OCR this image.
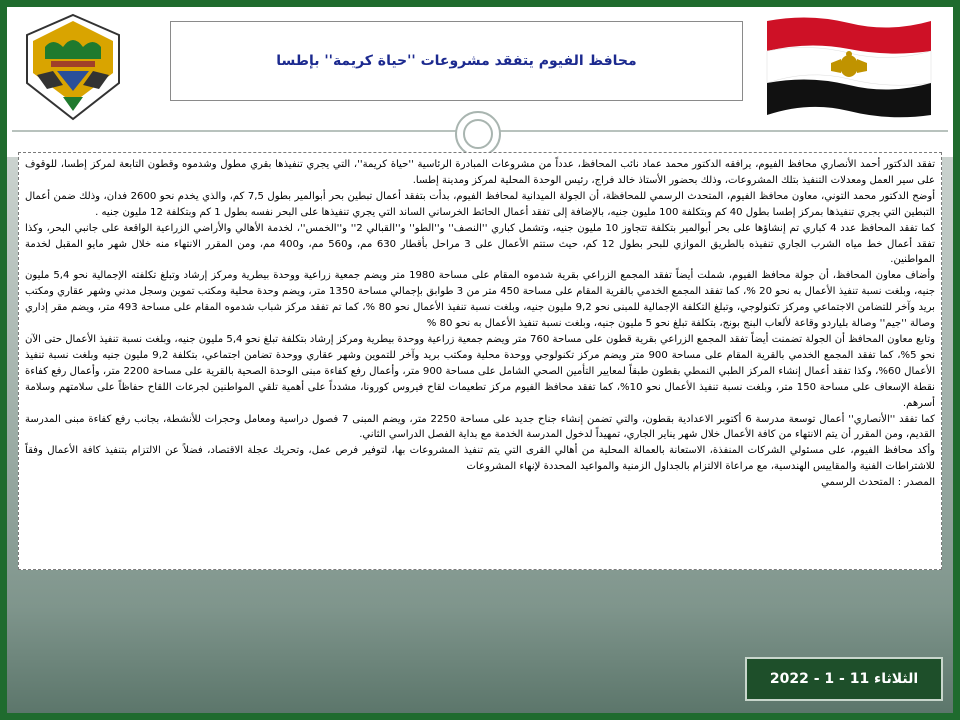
محافظ الفيوم يتفقد مشروعات ''حياة كريمة'' بإطسا

تفقد الدكتور أحمد الأنصاري محافظ الفيوم، يرافقه الدكتور محمد عماد نائب المحافظ، عدداً من مشروعات المبادرة الرئاسية ''حياة كريمة''، التي يجري تنفيذها بقري مطول وشدموه وقطون التابعة لمركز إطسا، للوقوف على سير العمل ومعدلات التنفيذ بتلك المشروعات، وذلك بحضور الأستاذ خالد فراج، رئيس الوحدة المحلية لمركز ومدينة إطسا.

أوضح الدكتور محمد التوني، معاون محافظ الفيوم، المتحدث الرسمي للمحافظة، أن الجولة الميدانية لمحافظ الفيوم، بدأت بتفقد أعمال تبطين بحر أبوالمير بطول 7,5 كم، والذي يخدم نحو 2600 فدان، وذلك ضمن أعمال التبطين التي يجري تنفيذها بمركز إطسا بطول 40 كم وبتكلفة 100 مليون جنيه، بالإضافة إلى تفقد أعمال الحائط الخرساني الساند التي يجري تنفيذها على البحر نفسه بطول 1 كم وبتكلفة 12 مليون جنيه .

كما تفقد المحافظ عدد 4 كباري تم إنشاؤها على بحر أبوالمير بتكلفة تتجاوز 10 مليون جنيه، وتشمل كباري ''النصف'' و''الطو'' و''القبالي 2'' و''الخمس''، لخدمة الأهالي والأراضي الزراعية الواقعة على جانبي البحر، وكذا تفقد أعمال خط مياه الشرب الجاري تنفيذه بالطريق الموازي للبحر بطول 12 كم، حيث ستتم الأعمال على 3 مراحل بأقطار 630 مم، و560 مم، و400 مم، ومن المقرر الانتهاء منه خلال شهر مايو المقبل لخدمة المواطنين.

وأضاف معاون المحافظ، أن جولة محافظ الفيوم، شملت أيضاً تفقد المجمع الزراعي بقرية شدموه المقام على مساحة 1980 متر ويضم جمعية زراعية ووحدة بيطرية ومركز إرشاد وتبلغ تكلفته الإجمالية نحو 5,4 مليون جنيه، وبلغت نسبة تنفيذ الأعمال به نحو 20 %، كما تفقد المجمع الخدمي بالقرية المقام على مساحة 450 متر من 3 طوابق بإجمالي مساحة 1350 متر، ويضم وحدة محلية ومكتب تموين وسجل مدني وشهر عقاري ومكتب بريد وآخر للتضامن الاجتماعي ومركز تكنولوجي، وتبلغ التكلفة الإجمالية للمبنى نحو 9,2 مليون جنيه، وبلغت نسبة تنفيذ الأعمال نحو 80 %، كما تم تفقد مركز شباب شدموه المقام على مساحة 493 متر، ويضم مقر إداري وصالة ''جيم'' وصالة بلياردو وقاعة لألعاب البنج بونج، بتكلفة تبلغ نحو 5 مليون جنيه، وبلغت نسبة تنفيذ الأعمال به نحو 80 %

وتابع معاون المحافظ أن الجولة تضمنت أيضاً تفقد المجمع الزراعي بقرية قطون على مساحة 760 متر ويضم جمعية زراعية ووحدة بيطرية ومركز إرشاد بتكلفة تبلغ نحو 5,4 مليون جنيه، وبلغت نسبة تنفيذ الأعمال حتى الآن نحو 5%، كما تفقد المجمع الخدمي بالقرية المقام على مساحة 900 متر ويضم مركز تكنولوجي ووحدة محلية ومكتب بريد وآخر للتموين وشهر عقاري ووحدة تضامن اجتماعي، بتكلفة 9,2 مليون جنيه وبلغت نسبة تنفيذ الأعمال 60%، وكذا تفقد أعمال إنشاء المركز الطبي النمطي بقطون طبقاً لمعايير التأمين الصحي الشامل على مساحة 900 متر، وأعمال رفع كفاءة مبنى الوحدة الصحية بالقرية على مساحة 2200 متر، وأعمال رفع كفاءة نقطة الإسعاف على مساحة 150 متر، وبلغت نسبة تنفيذ الأعمال نحو 10%، كما تفقد محافظ الفيوم مركز تطعيمات لقاح فيروس كورونا، مشدداً على أهمية تلقي المواطنين لجرعات اللقاح حفاظاً على سلامتهم وسلامة أسرهم.

كما تفقد ''الأنصاري'' أعمال توسعة مدرسة 6 أكتوبر الاعدادية بقطون، والتي تضمن إنشاء جناح جديد على مساحة 2250 متر، ويضم المبنى 7 فصول دراسية ومعامل وحجرات للأنشطة، بجانب رفع كفاءة مبنى المدرسة القديم، ومن المقرر أن يتم الانتهاء من كافة الأعمال خلال شهر يناير الجاري، تمهيداً لدخول المدرسة الخدمة مع بداية الفصل الدراسي الثاني.

وأكد محافظ الفيوم، على مسئولي الشركات المنفذة، الاستعانة بالعمالة المحلية من أهالي القرى التي يتم تنفيذ المشروعات بها، لتوفير فرص عمل، وتحريك عجلة الاقتصاد، فضلاً عن الالتزام بتنفيذ كافة الأعمال وفقاً للاشتراطات الفنية والمقاييس الهندسية، مع مراعاة الالتزام بالجداول الزمنية والمواعيد المحددة لإنهاء المشروعات

المصدر : المتحدث الرسمي

الثلاثاء 11 - 1 - 2022
